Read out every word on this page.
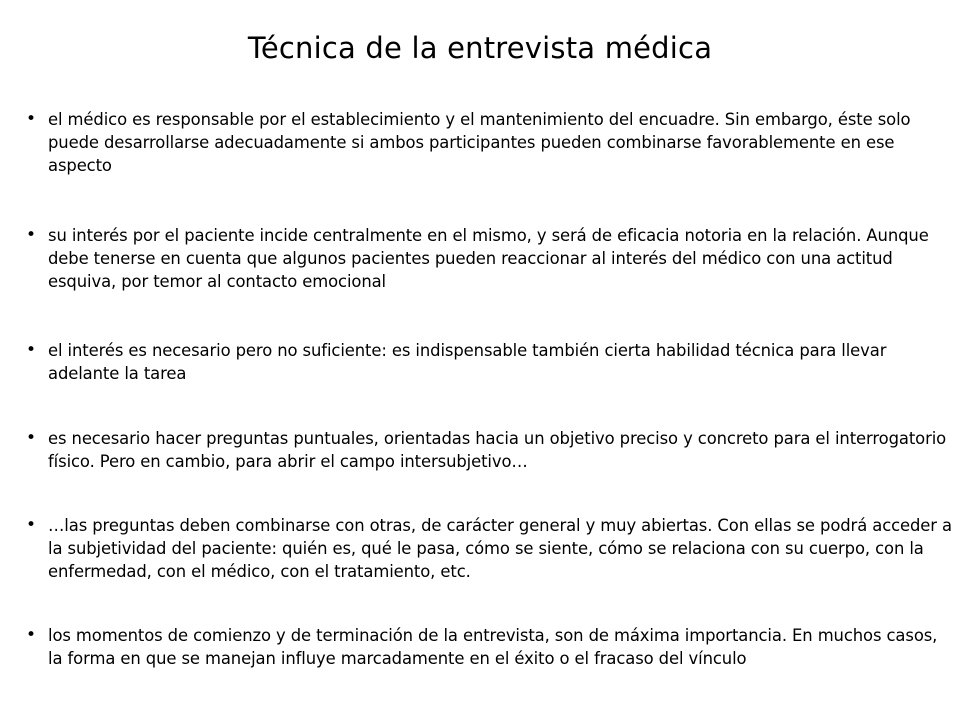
Técnica de la entrevista médica
• el médico es responsable por el establecimiento y el mantenimiento del encuadre. Sin embargo, éste solo puede desarrollarse adecuadamente si ambos participantes pueden combinarse favorablemente en ese aspecto
• su interés por el paciente incide centralmente en el mismo, y será de eficacia notoria en la relación. Aunque debe tenerse en cuenta que algunos pacientes pueden reaccionar al interés del médico con una actitud esquiva, por temor al contacto emocional
• el interés es necesario pero no suficiente: es indispensable también cierta habilidad técnica para llevar adelante la tarea
• es necesario hacer preguntas puntuales, orientadas hacia un objetivo preciso y concreto para el interrogatorio físico. Pero en cambio, para abrir el campo intersubjetivo…
• …las preguntas deben combinarse con otras, de carácter general y muy abiertas. Con ellas se podrá acceder a la subjetividad del paciente: quién es, qué le pasa, cómo se siente, cómo se relaciona con su cuerpo, con la enfermedad, con el médico, con el tratamiento, etc.
• los momentos de comienzo y de terminación de la entrevista, son de máxima importancia. En muchos casos, la forma en que se manejan influye marcadamente en el éxito o el fracaso del vínculo
